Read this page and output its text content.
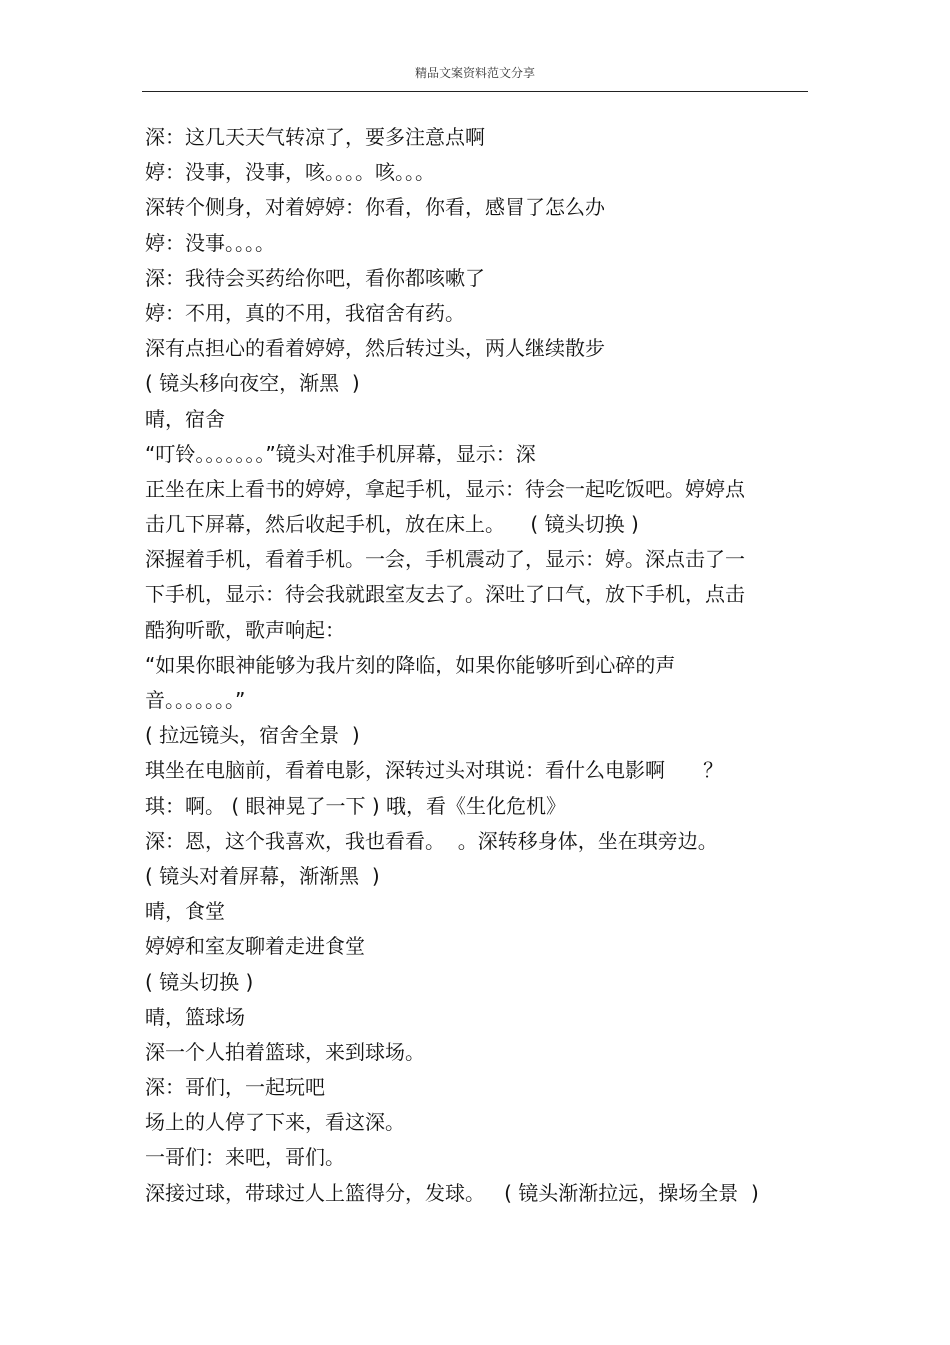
精品文案资料范文分享
深：这几天天气转凉了，要多注意点啊
婷：没事，没事，咳。。。。咳。。。
深转个侧身，对着婷婷：你看，你看，感冒了怎么办
婷：没事。。。。
深：我待会买药给你吧，看你都咳嗽了
婷：不用，真的不用，我宿舍有药。
深有点担心的看着婷婷，然后转过头，两人继续散步
( 镜头移向夜空，渐黑  )
晴，宿舍
“叮铃。。。。。。。”镜头对准手机屏幕，显示：深
正坐在床上看书的婷婷，拿起手机，显示：待会一起吃饭吧。婷婷点
击几下屏幕，然后收起手机，放在床上。    ( 镜头切换 )
深握着手机，看着手机。一会，手机震动了，显示：婷。深点击了一
下手机，显示：待会我就跟室友去了。深吐了口气，放下手机，点击
酷狗听歌，歌声响起：
“如果你眼神能够为我片刻的降临，如果你能够听到心碎的声
音。。。。。。。”
( 拉远镜头，宿舍全景  )
琪坐在电脑前，看着电影，深转过头对琪说：看什么电影啊      ？
琪：啊。 ( 眼神晃了一下 ) 哦，看《生化危机》
深：恩，这个我喜欢，我也看看。  。深转移身体，坐在琪旁边。
( 镜头对着屏幕，渐渐黑  )
晴，食堂
婷婷和室友聊着走进食堂
( 镜头切换 )
晴，篮球场
深一个人拍着篮球，来到球场。
深：哥们，一起玩吧
场上的人停了下来，看这深。
一哥们：来吧，哥们。
深接过球，带球过人上篮得分，发球。   ( 镜头渐渐拉远，操场全景  )
